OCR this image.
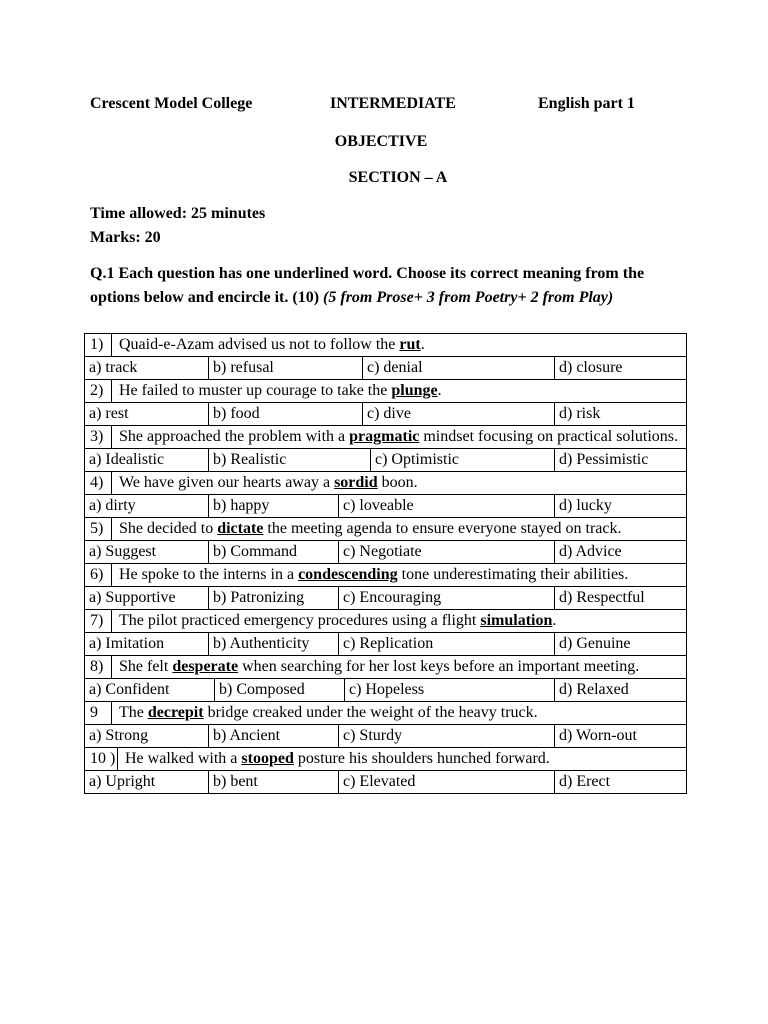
Crescent Model College	INTERMEDIATE	English part 1
OBJECTIVE
SECTION – A
Time allowed: 25 minutes
Marks: 20
Q.1 Each question has one underlined word. Choose its correct meaning from the options below and encircle it. (10) (5 from Prose+ 3 from Poetry+ 2 from Play)
1) Quaid-e-Azam advised us not to follow the rut.

a) track	b) refusal	c) denial	d) closure

2) He failed to muster up courage to take the plunge.

a) rest	b) food	c) dive	d) risk

3) She approached the problem with a pragmatic mindset focusing on practical solutions.

a) Idealistic	b) Realistic	c) Optimistic	d) Pessimistic

4) We have given our hearts away a sordid boon.

a) dirty	b) happy	c) loveable	d) lucky

5) She decided to dictate the meeting agenda to ensure everyone stayed on track.

a) Suggest	b) Command	c) Negotiate	d) Advice

6) He spoke to the interns in a condescending tone underestimating their abilities.

a) Supportive	b) Patronizing	c) Encouraging	d) Respectful

7) The pilot practiced emergency procedures using a flight simulation.

a) Imitation	b) Authenticity	c) Replication	d) Genuine

8) She felt desperate when searching for her lost keys before an important meeting.

a) Confident	b) Composed	c) Hopeless	d) Relaxed

9	The decrepit bridge creaked under the weight of the heavy truck.

a) Strong	b) Ancient	c) Sturdy	d) Worn-out

10 ) He walked with a stooped posture his shoulders hunched forward.

a) Upright	b) bent	c) Elevated	d) Erect
